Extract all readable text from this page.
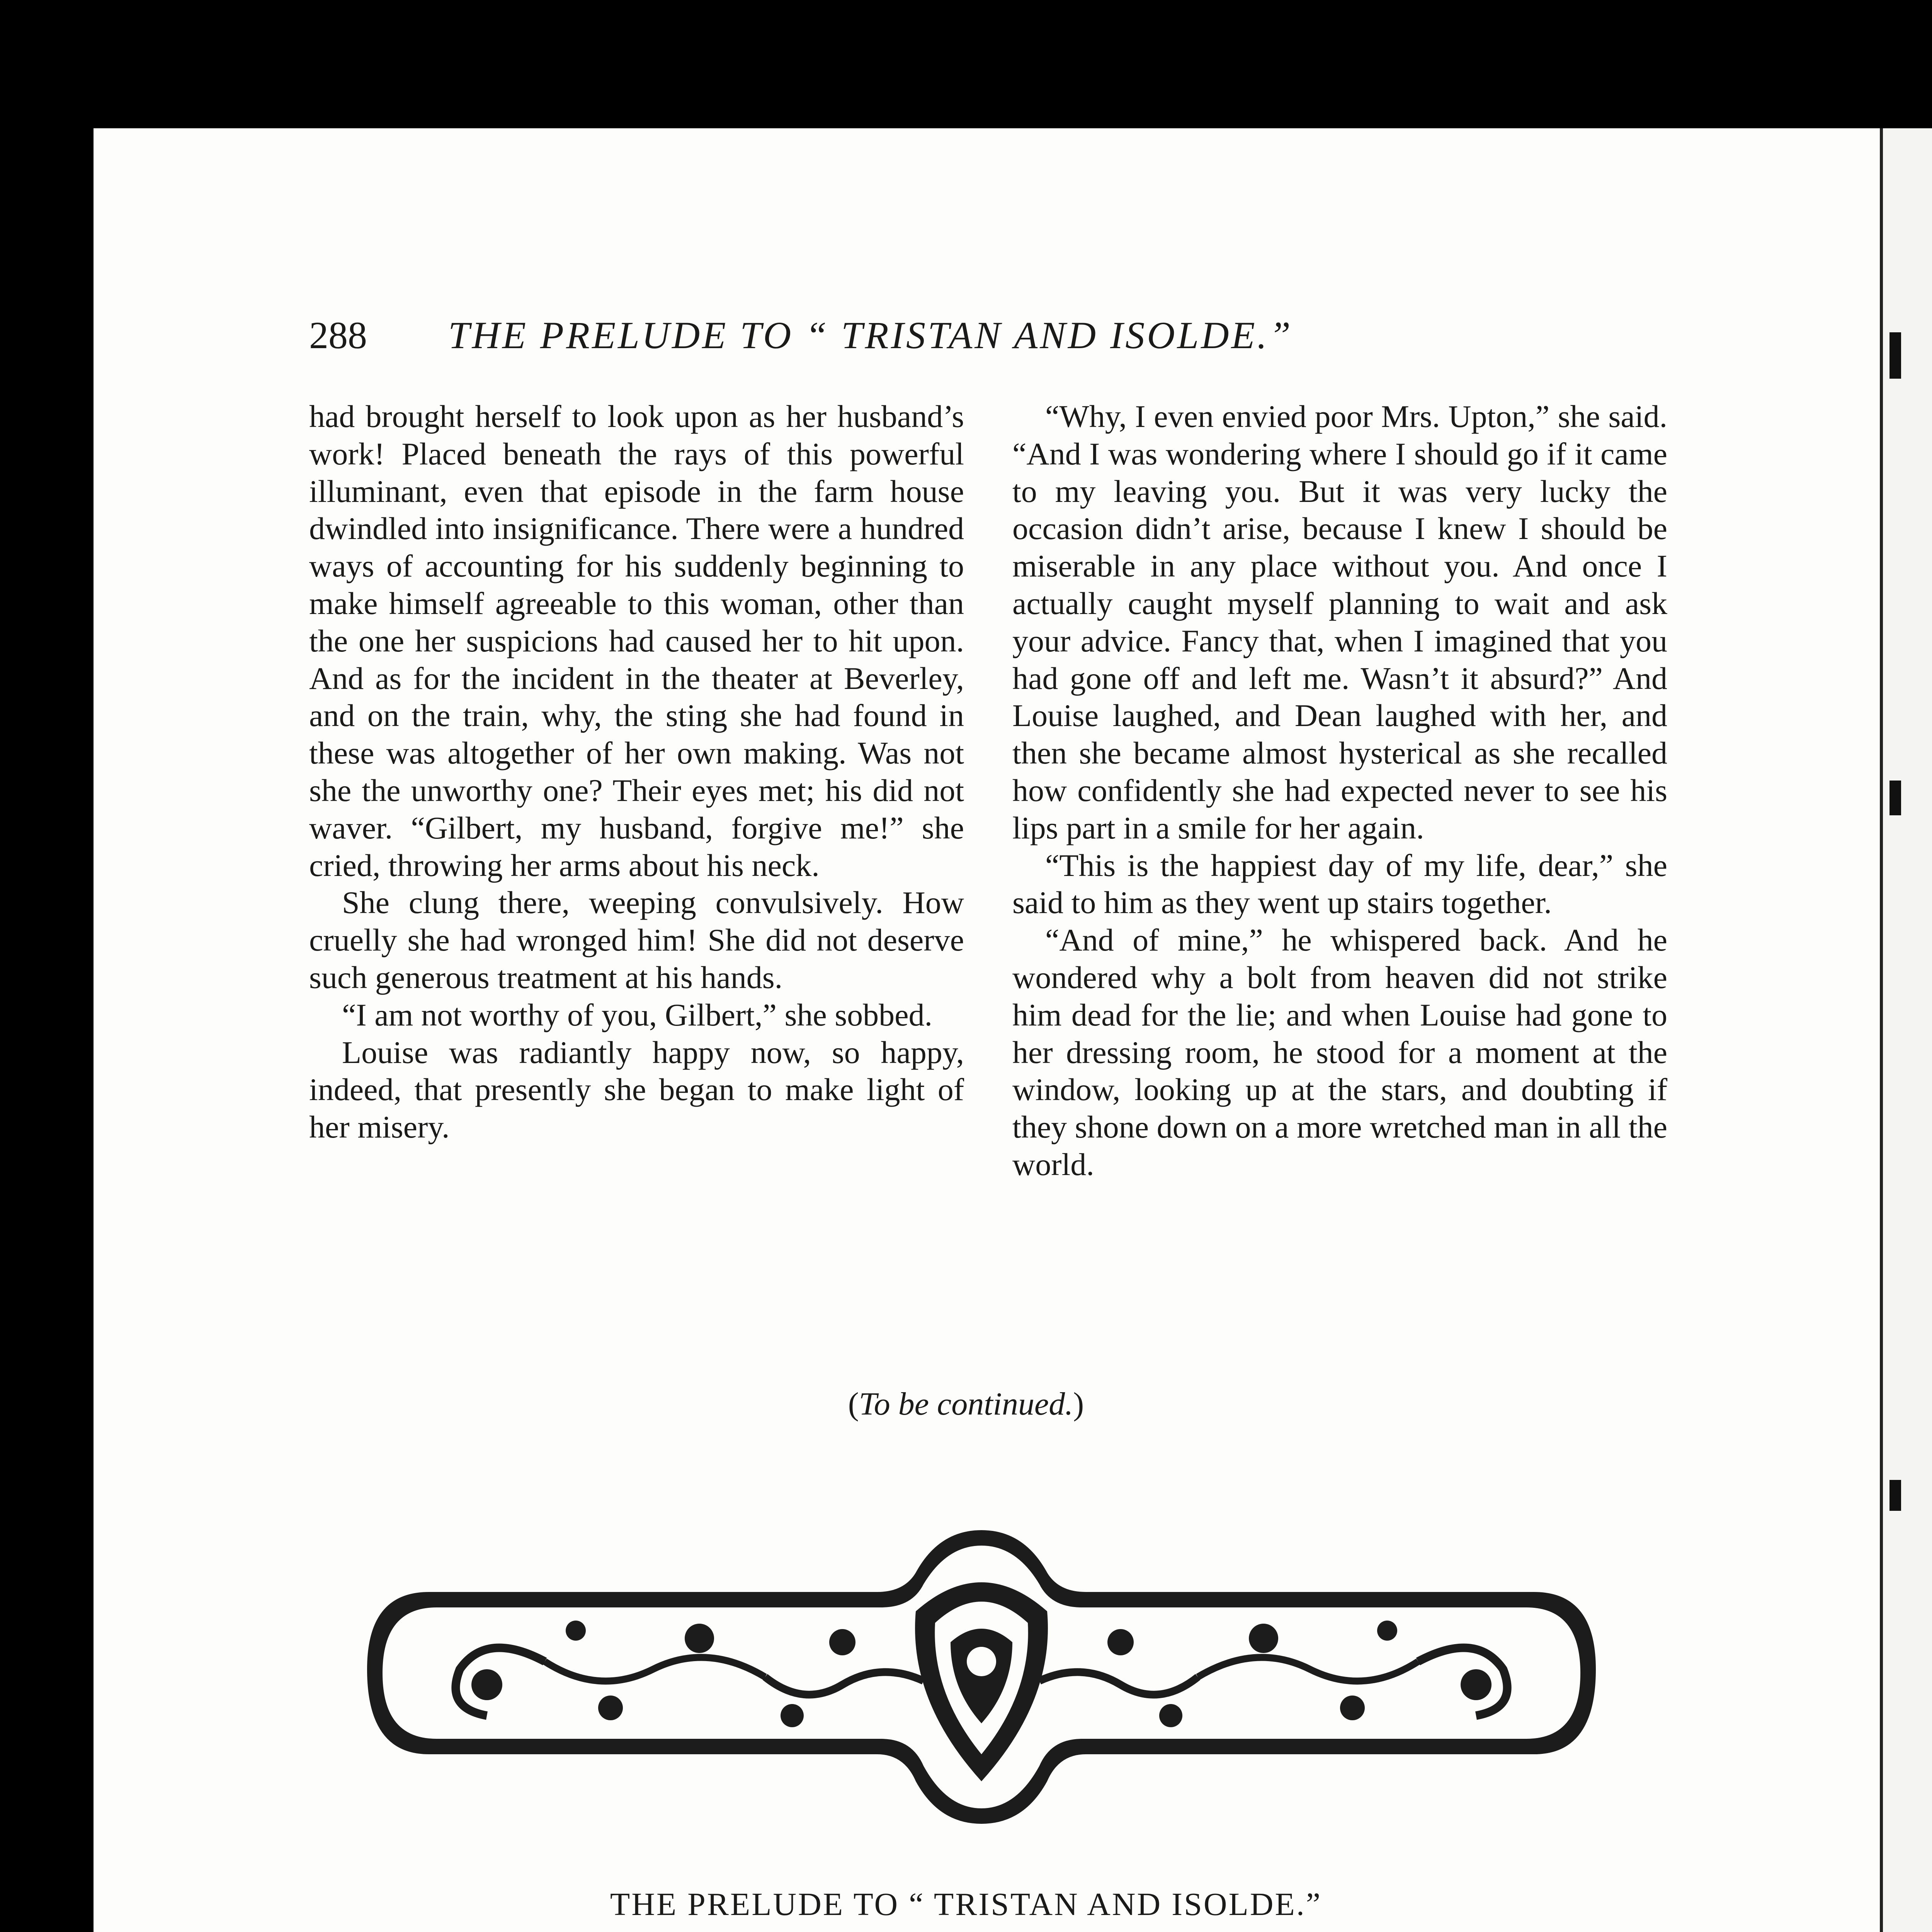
288 THE PRELUDE TO “ TRISTAN AND ISOLDE.”

had brought herself to look upon as her husband’s work! Placed beneath the rays of this powerful illuminant, even that episode in the farm house dwindled into insignificance. There were a hundred ways of accounting for his suddenly beginning to make himself agreeable to this woman, other than the one her suspicions had caused her to hit upon. And as for the incident in the theater at Beverley, and on the train, why, the sting she had found in these was altogether of her own making. Was not she the unworthy one? Their eyes met; his did not waver. “Gilbert, my husband, forgive me!” she cried, throwing her arms about his neck.

She clung there, weeping convulsively. How cruelly she had wronged him! She did not deserve such generous treatment at his hands.

“I am not worthy of you, Gilbert,” she sobbed.

Louise was radiantly happy now, so happy, indeed, that presently she began to make light of her misery.

“Why, I even envied poor Mrs. Upton,” she said. “And I was wondering where I should go if it came to my leaving you. But it was very lucky the occasion didn’t arise, because I knew I should be miserable in any place without you. And once I actually caught myself planning to wait and ask your advice. Fancy that, when I imagined that you had gone off and left me. Wasn’t it absurd?” And Louise laughed, and Dean laughed with her, and then she became almost hysterical as she recalled how confidently she had expected never to see his lips part in a smile for her again.

“This is the happiest day of my life, dear,” she said to him as they went up stairs together.

“And of mine,” he whispered back. And he wondered why a bolt from heaven did not strike him dead for the lie; and when Louise had gone to her dressing room, he stood for a moment at the window, looking up at the stars, and doubting if they shone down on a more wretched man in all the world.

(To be continued.)
THE PRELUDE TO “ TRISTAN AND ISOLDE.”
